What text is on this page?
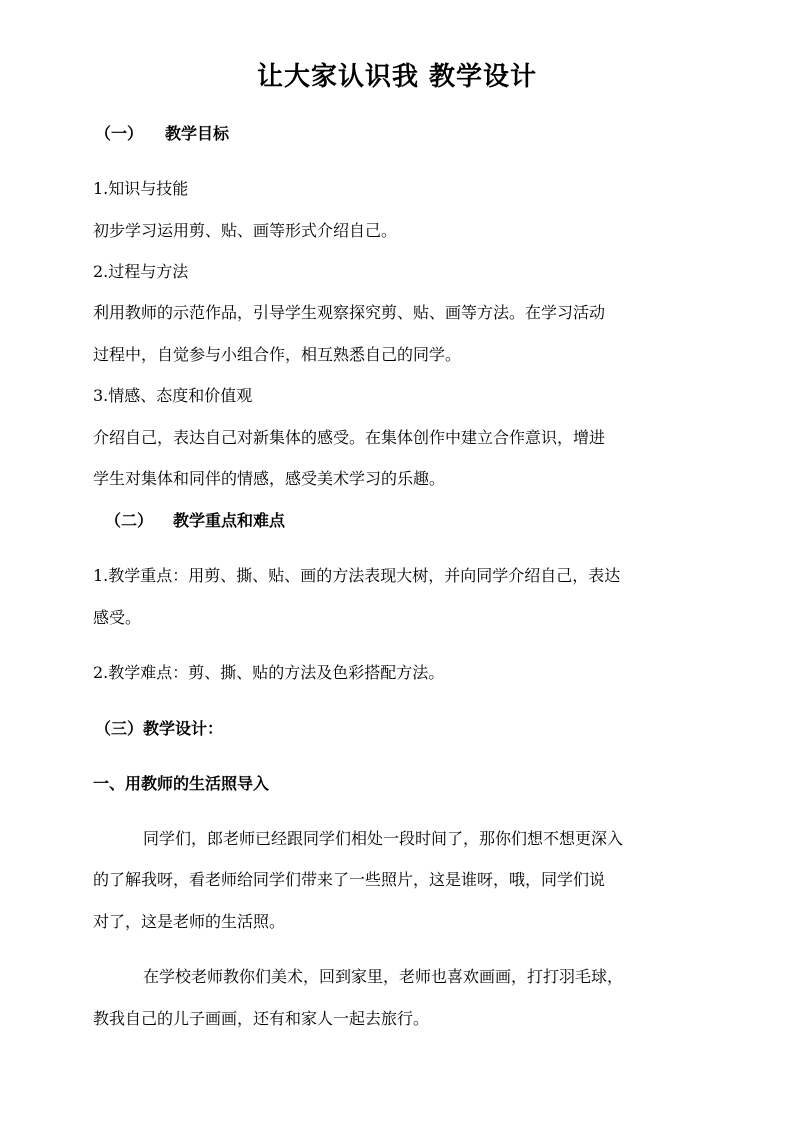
让大家认识我 教学设计
（一） 教学目标
1.知识与技能
初步学习运用剪、贴、画等形式介绍自己。
2.过程与方法
利用教师的示范作品，引导学生观察探究剪、贴、画等方法。在学习活动
过程中，自觉参与小组合作，相互熟悉自己的同学。
3.情感、态度和价值观
介绍自己，表达自己对新集体的感受。在集体创作中建立合作意识，增进
学生对集体和同伴的情感，感受美术学习的乐趣。
（二） 教学重点和难点
1.教学重点：用剪、撕、贴、画的方法表现大树，并向同学介绍自己，表达
感受。
2.教学难点：剪、撕、贴的方法及色彩搭配方法。
（三）教学设计：
一、用教师的生活照导入
同学们，郎老师已经跟同学们相处一段时间了，那你们想不想更深入
的了解我呀，看老师给同学们带来了一些照片，这是谁呀，哦，同学们说
对了，这是老师的生活照。
在学校老师教你们美术，回到家里，老师也喜欢画画，打打羽毛球，
教我自己的儿子画画，还有和家人一起去旅行。
